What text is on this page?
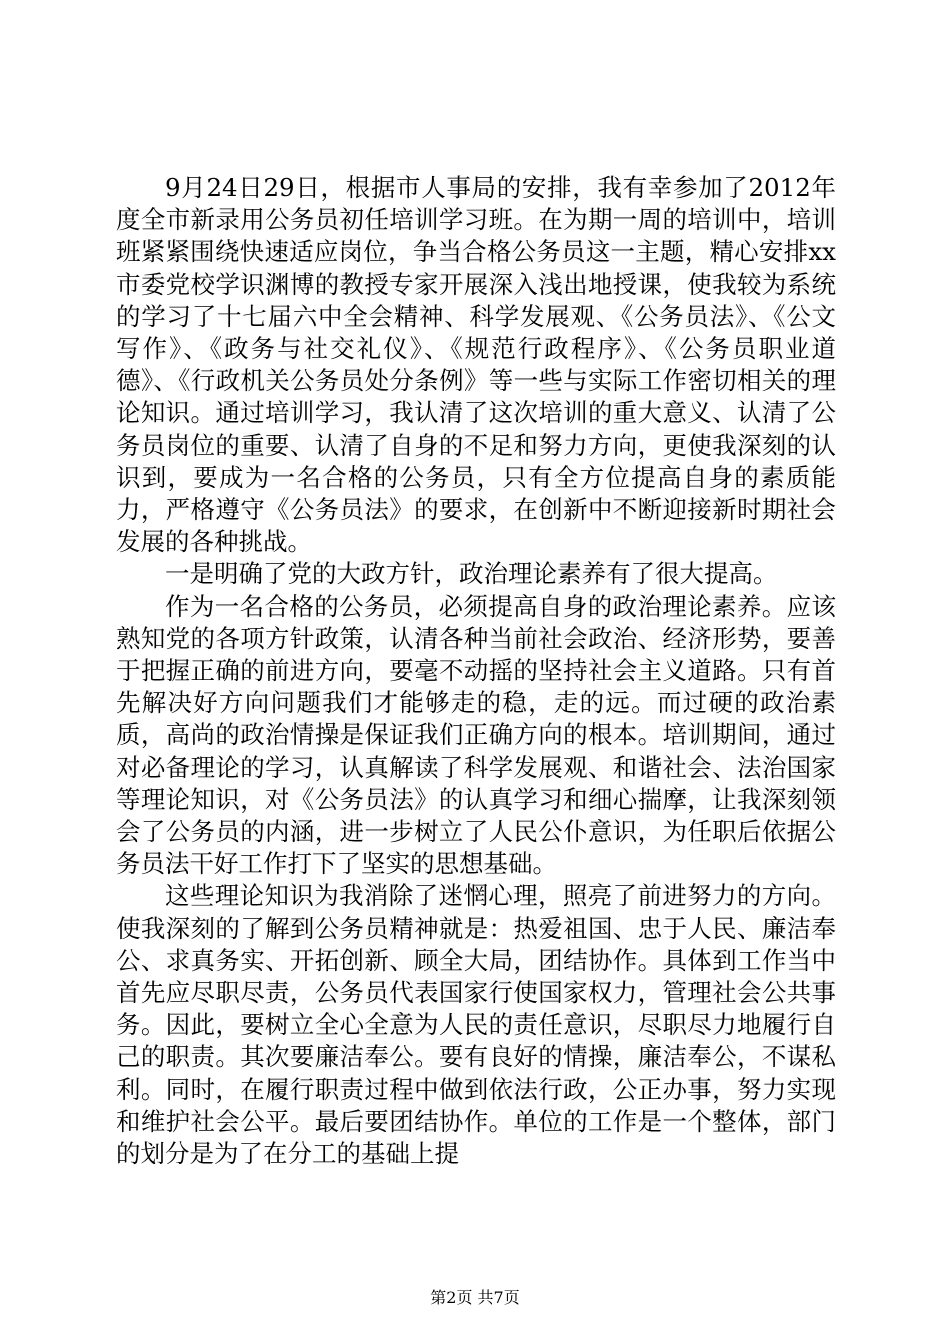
9月24日29日，根据市人事局的安排，我有幸参加了2012年度全市新录用公务员初任培训学习班。在为期一周的培训中，培训班紧紧围绕快速适应岗位，争当合格公务员这一主题，精心安排xx市委党校学识渊博的教授专家开展深入浅出地授课，使我较为系统的学习了十七届六中全会精神、科学发展观、《公务员法》、《公文写作》、《政务与社交礼仪》、《规范行政程序》、《公务员职业道德》、《行政机关公务员处分条例》等一些与实际工作密切相关的理论知识。通过培训学习，我认清了这次培训的重大意义、认清了公务员岗位的重要、认清了自身的不足和努力方向，更使我深刻的认识到，要成为一名合格的公务员，只有全方位提高自身的素质能力，严格遵守《公务员法》的要求，在创新中不断迎接新时期社会发展的各种挑战。

一是明确了党的大政方针，政治理论素养有了很大提高。

作为一名合格的公务员，必须提高自身的政治理论素养。应该熟知党的各项方针政策，认清各种当前社会政治、经济形势，要善于把握正确的前进方向，要毫不动摇的坚持社会主义道路。只有首先解决好方向问题我们才能够走的稳，走的远。而过硬的政治素质，高尚的政治情操是保证我们正确方向的根本。培训期间，通过对必备理论的学习，认真解读了科学发展观、和谐社会、法治国家等理论知识，对《公务员法》的认真学习和细心揣摩，让我深刻领会了公务员的内涵，进一步树立了人民公仆意识，为任职后依据公务员法干好工作打下了坚实的思想基础。

这些理论知识为我消除了迷惘心理，照亮了前进努力的方向。使我深刻的了解到公务员精神就是：热爱祖国、忠于人民、廉洁奉公、求真务实、开拓创新、顾全大局，团结协作。具体到工作当中首先应尽职尽责，公务员代表国家行使国家权力，管理社会公共事务。因此，要树立全心全意为人民的责任意识，尽职尽力地履行自己的职责。其次要廉洁奉公。要有良好的情操，廉洁奉公，不谋私利。同时，在履行职责过程中做到依法行政，公正办事，努力实现和维护社会公平。最后要团结协作。单位的工作是一个整体，部门的划分是为了在分工的基础上提

第2页 共7页
